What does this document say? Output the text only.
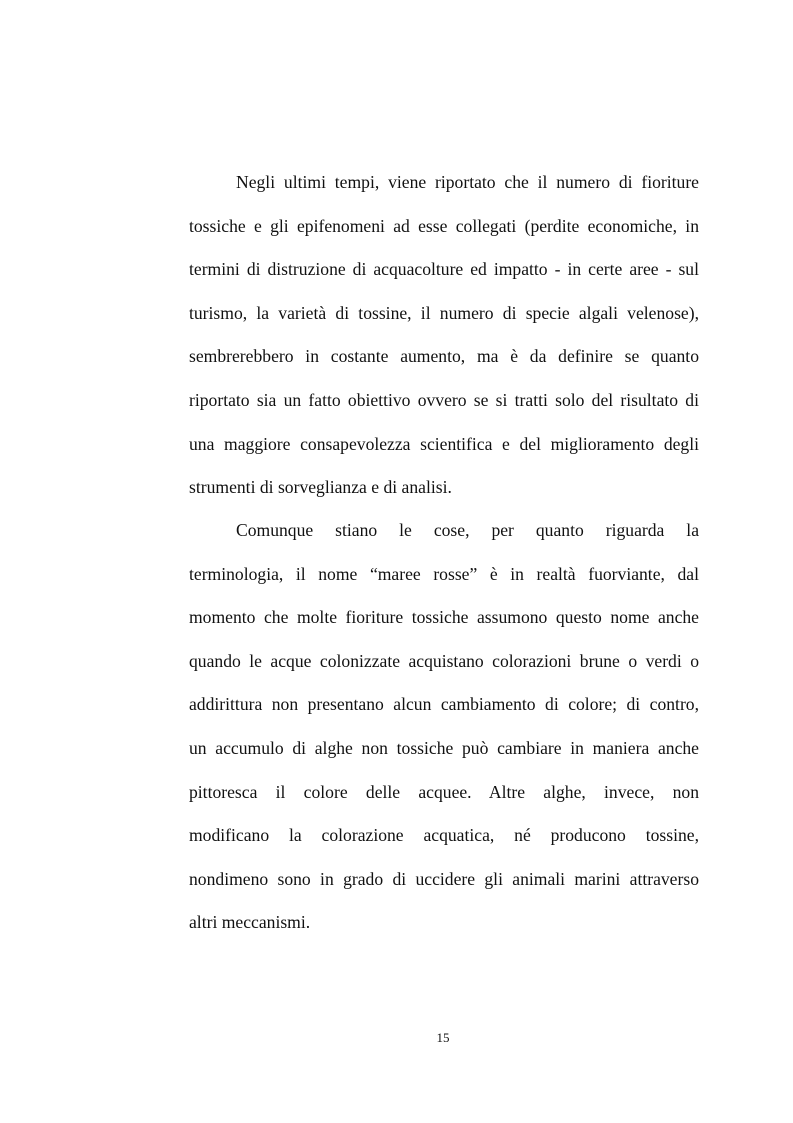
Negli ultimi tempi, viene riportato che il numero di fioriture
tossiche e gli epifenomeni ad esse collegati (perdite economiche, in
termini di distruzione di acquacolture ed impatto - in certe aree - sul
turismo, la varietà di tossine, il numero di specie algali velenose),
sembrerebbero in costante aumento, ma è da definire se quanto
riportato sia un fatto obiettivo ovvero se si tratti solo del risultato di
una maggiore consapevolezza scientifica e del miglioramento degli
strumenti di sorveglianza e di analisi.
Comunque stiano le cose, per quanto riguarda la
terminologia, il nome “maree rosse” è in realtà fuorviante, dal
momento che molte fioriture tossiche assumono questo nome anche
quando le acque colonizzate acquistano colorazioni brune o verdi o
addirittura non presentano alcun cambiamento di colore; di contro,
un accumulo di alghe non tossiche può cambiare in maniera anche
pittoresca il colore delle acquee. Altre alghe, invece, non
modificano la colorazione acquatica, né producono tossine,
nondimeno sono in grado di uccidere gli animali marini attraverso
altri meccanismi.
15
